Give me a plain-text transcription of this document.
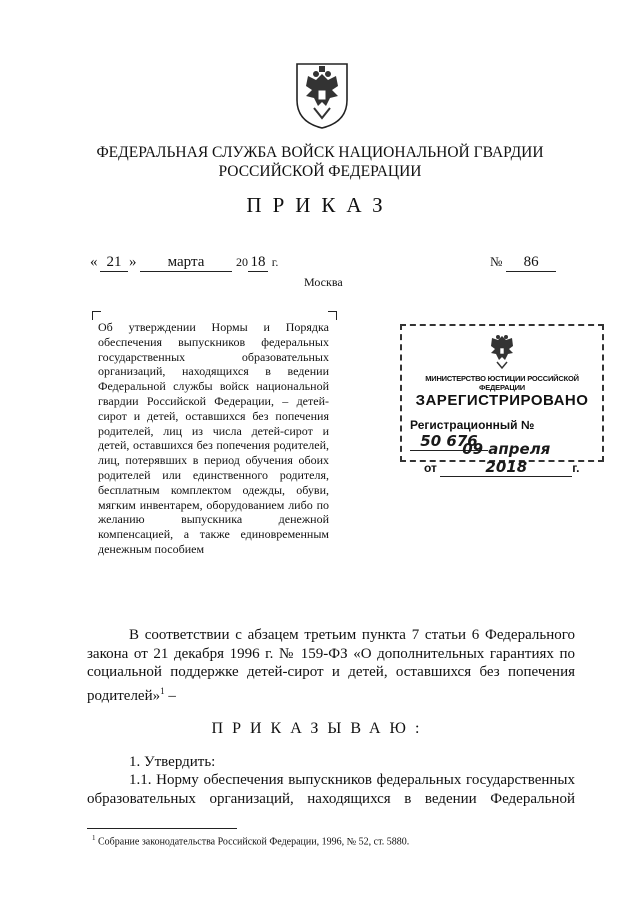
ФЕДЕРАЛЬНАЯ СЛУЖБА ВОЙСК НАЦИОНАЛЬНОЙ ГВАРДИИ
РОССИЙСКОЙ ФЕДЕРАЦИИ
ПРИКАЗ
« 21 »	марта	20 18 г.	№ 86
Москва
Об утверждении Нормы и Порядка обеспечения выпускников федеральных государственных образовательных организаций, находящихся в ведении Федеральной службы войск национальной гвардии Российской Федерации, – детей-сирот и детей, оставшихся без попечения родителей, лиц из числа детей-сирот и детей, оставшихся без попечения родителей, лиц, потерявших в период обучения обоих родителей или единственного родителя, бесплатным комплектом одежды, обуви, мягким инвентарем, оборудованием либо по желанию выпускника денежной компенсацией, а также единовременным денежным пособием
МИНИСТЕРСТВО ЮСТИЦИИ РОССИЙСКОЙ ФЕДЕРАЦИИ
ЗАРЕГИСТРИРОВАНО
Регистрационный № 50 676
от 09 апреля 2018	г.
В соответствии с абзацем третьим пункта 7 статьи 6 Федерального закона от 21 декабря 1996 г. № 159-ФЗ «О дополнительных гарантиях по социальной поддержке детей-сирот и детей, оставшихся без попечения родителей»$^1$ –
ПРИКАЗЫВАЮ:
1. Утвердить:
1.1. Норму обеспечения выпускников федеральных государственных образовательных организаций, находящихся в ведении Федеральной
$^1$ Собрание законодательства Российской Федерации, 1996, № 52, ст. 5880.
